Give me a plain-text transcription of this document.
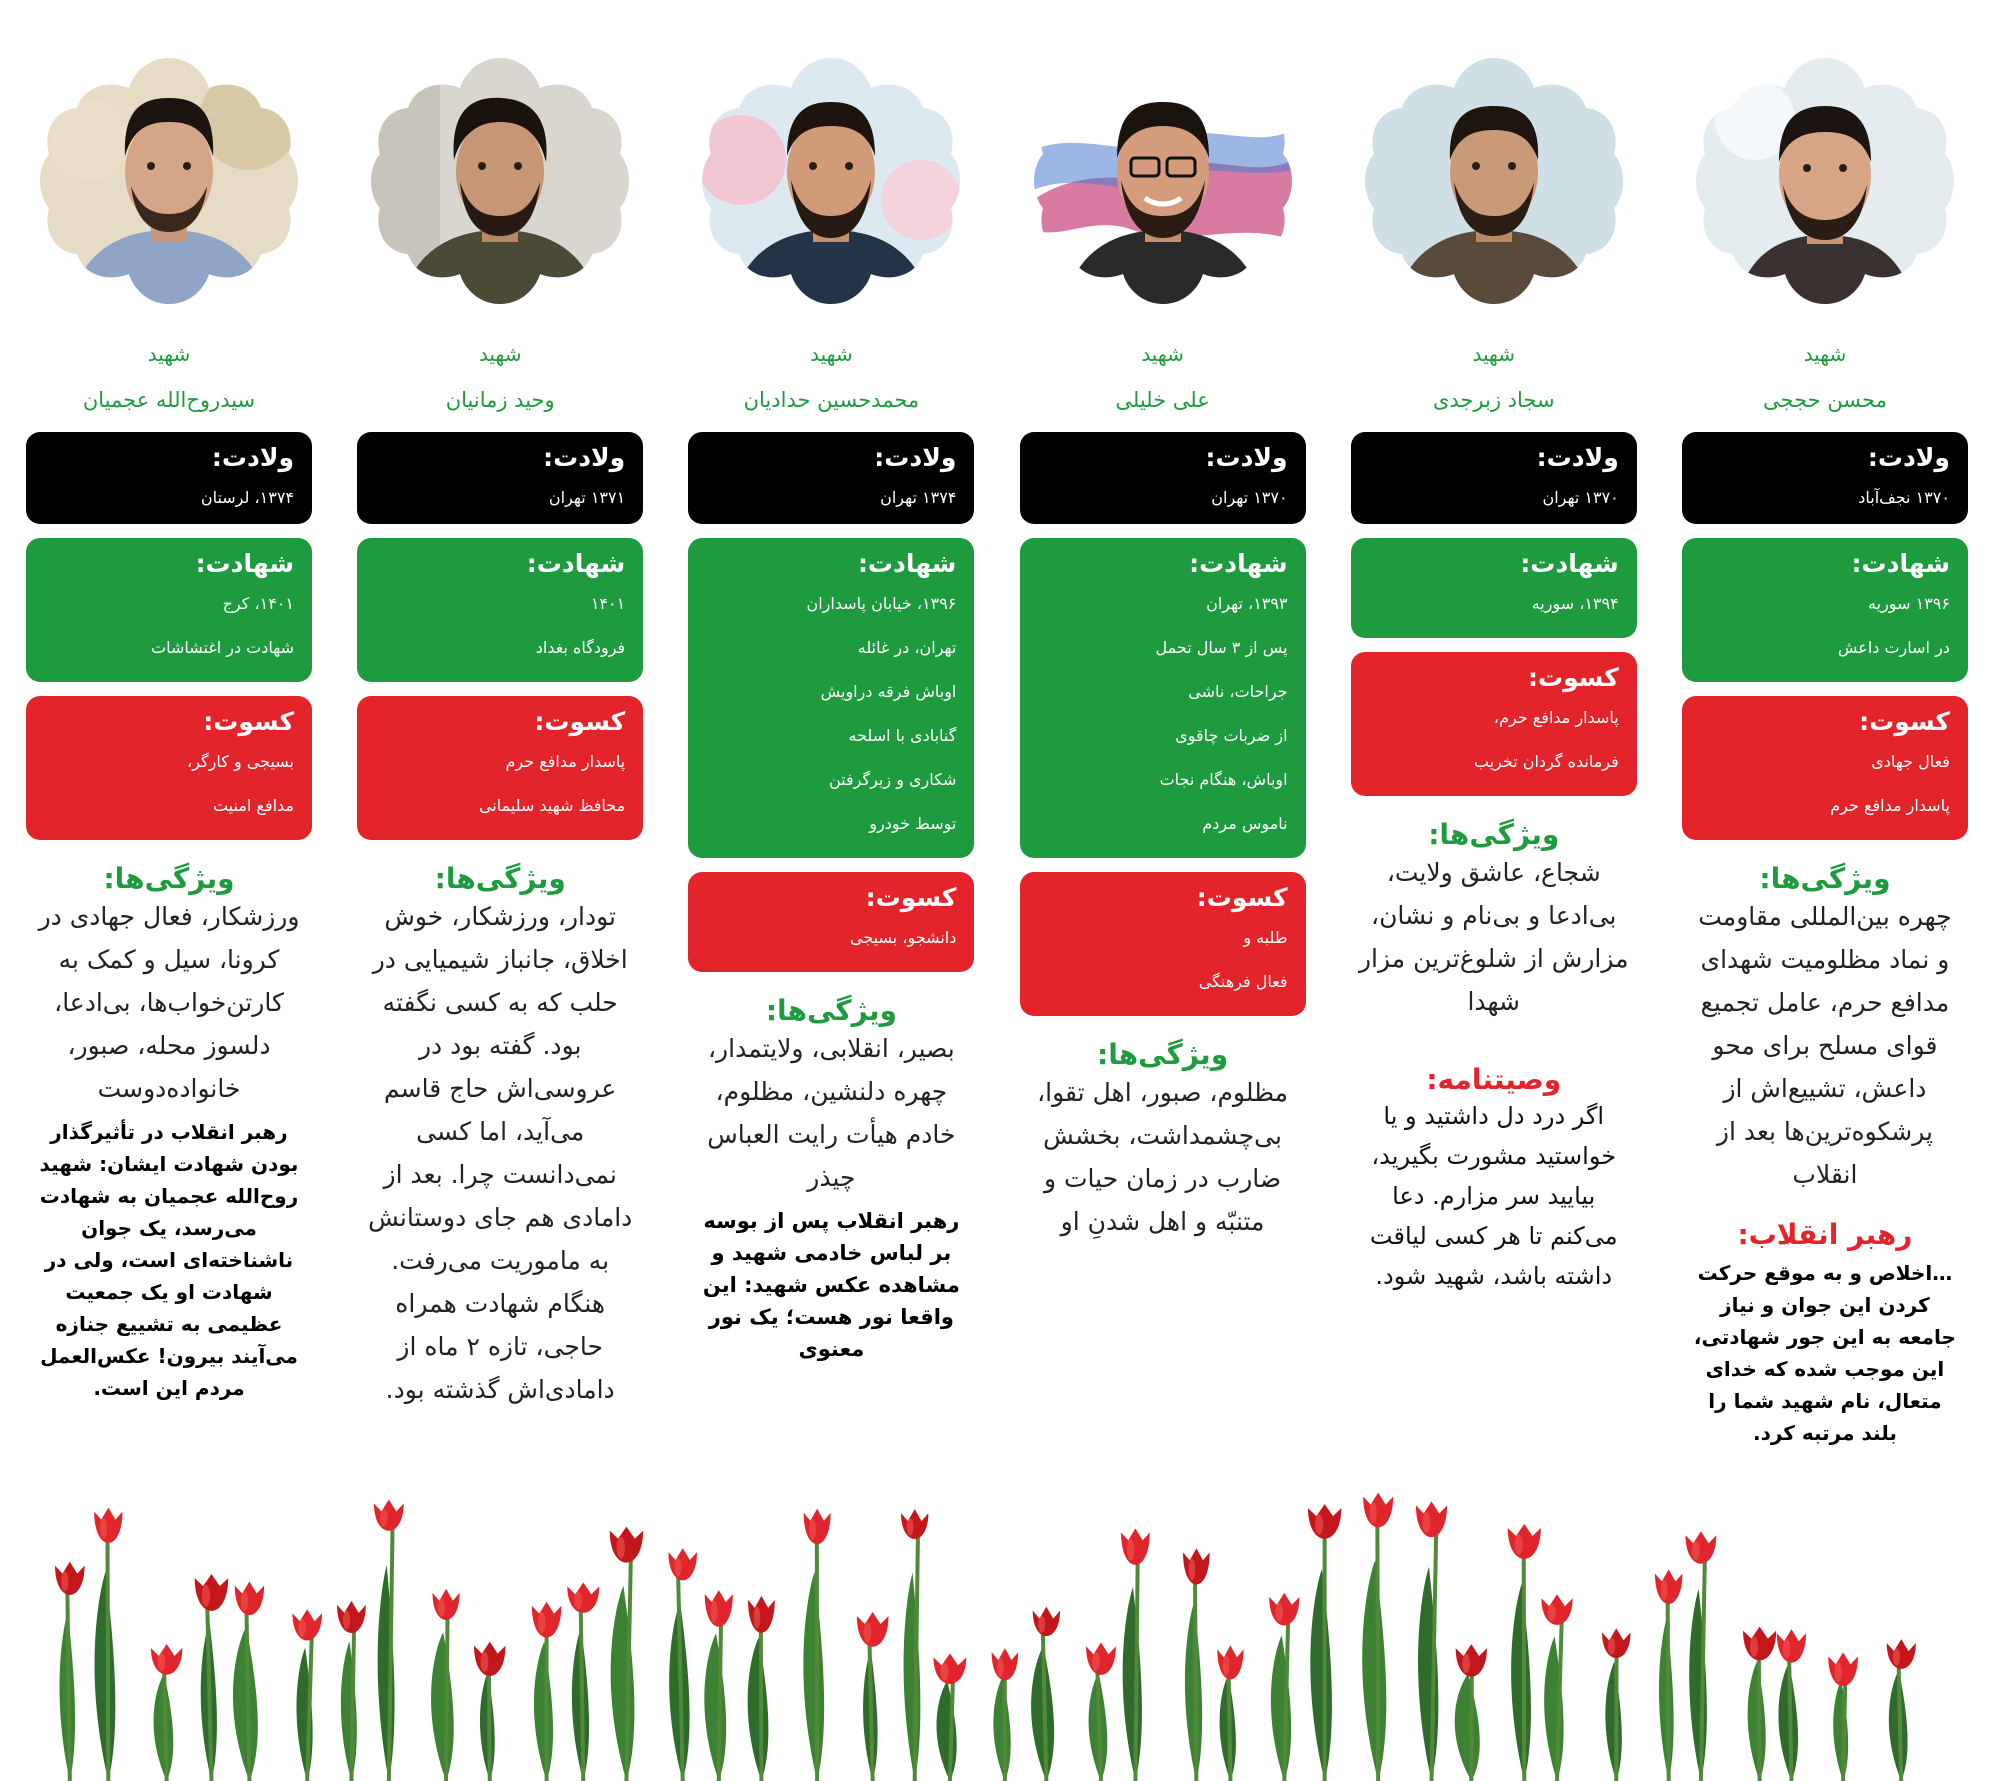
شهید
محسن حججی
ولادت:
۱۳۷۰ نجف‌آباد
شهادت:
۱۳۹۶ سوریه
در اسارت داعش
کسوت:
فعال جهادی
پاسدار مدافع حرم
ویژگی‌ها:
چهره بین‌المللی مقاومت و نماد مظلومیت شهدای مدافع حرم، عامل تجمیع قوای مسلح برای محو داعش، تشییع‌اش از پرشکوه‌ترین‌ها بعد از انقلاب
رهبر انقلاب:
…اخلاص و به موقع حرکت کردن این جوان و نیاز جامعه به این جور شهادتی، این موجب شده که خدای متعال، نام شهید شما را بلند مرتبه کرد.
شهید
سجاد زبرجدی
ولادت:
۱۳۷۰ تهران
شهادت:
۱۳۹۴، سوریه
کسوت:
پاسدار مدافع حرم،
فرمانده گردان تخریب
ویژگی‌ها:
شجاع، عاشق ولایت، بی‌ادعا و بی‌نام و نشان، مزارش از شلوغ‌ترین مزار شهدا
وصیتنامه:
اگر درد دل داشتید و یا خواستید مشورت بگیرید، بیایید سر مزارم. دعا می‌کنم تا هر کسی لیاقت داشته باشد، شهید شود.
شهید
علی خلیلی
ولادت:
۱۳۷۰ تهران
شهادت:
۱۳۹۳، تهران
پس از ۳ سال تحمل
جراحات، ناشی
از ضربات چاقوی
اوباش، هنگام نجات
ناموس مردم
کسوت:
طلبه و
فعال فرهنگی
ویژگی‌ها:
مظلوم، صبور، اهل تقوا، بی‌چشمداشت، بخشش ضارب در زمان حیات و متنبّه و اهل شدنِ او
شهید
محمدحسین حدادیان
ولادت:
۱۳۷۴ تهران
شهادت:
۱۳۹۶، خیابان پاسداران
تهران، در غائله
اوباش فرقه دراویش
گنابادی با اسلحه
شکاری و زیرگرفتن
توسط خودرو
کسوت:
دانشجو، بسیجی
ویژگی‌ها:
بصیر، انقلابی، ولایتمدار، چهره دلنشین، مظلوم، خادم هیأت رایت العباس چیذر
رهبر انقلاب پس از بوسه بر لباس خادمی شهید و مشاهده عکس شهید: این واقعا نور هست؛ یک نور معنوی
شهید
وحید زمانیان
ولادت:
۱۳۷۱ تهران
شهادت:
۱۴۰۱
فرودگاه بغداد
کسوت:
پاسدار مدافع حرم
محافظ شهید سلیمانی
ویژگی‌ها:
تودار، ورزشکار، خوش اخلاق، جانباز شیمیایی در حلب که به کسی نگفته بود. گفته بود در عروسی‌اش حاج قاسم می‌آید، اما کسی نمی‌دانست چرا. بعد از دامادی هم جای دوستانش به ماموریت می‌رفت. هنگام شهادت همراه حاجی، تازه ۲ ماه از دامادی‌اش گذشته بود.
شهید
سیدروح‌الله عجمیان
ولادت:
۱۳۷۴، لرستان
شهادت:
۱۴۰۱، کرج
شهادت در اغتشاشات
کسوت:
بسیجی و کارگر،
مدافع امنیت
ویژگی‌ها:
ورزشکار، فعال جهادی در کرونا، سیل و کمک به کارتن‌خواب‌ها، بی‌ادعا، دلسوز محله، صبور، خانواده‌دوست
رهبر انقلاب در تأثیرگذار بودن شهادت ایشان: شهید روح‌الله عجمیان به شهادت می‌رسد، یک جوان ناشناخته‌ای است، ولی در شهادت او یک جمعیت عظیمی به تشییع جنازه می‌آیند بیرون! عکس‌العمل مردم این است.
